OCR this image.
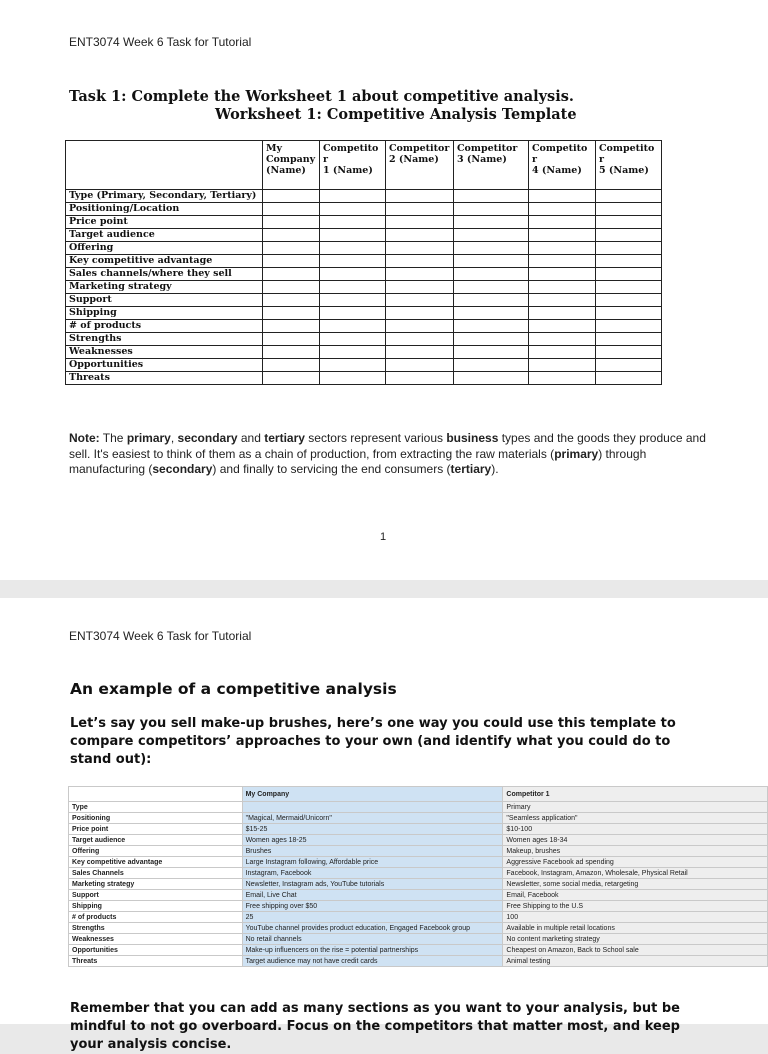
ENT3074 Week 6 Task for Tutorial
Task 1: Complete the Worksheet 1 about competitive analysis.
Worksheet 1: Competitive Analysis Template
	My
Company
(Name)	Competito
r
1 (Name)	Competitor
2 (Name)	Competitor
3 (Name)	Competito
r
4 (Name)	Competito
r
5 (Name)
Type (Primary, Secondary, Tertiary)						
Positioning/Location						
Price point						
Target audience						
Offering						
Key competitive advantage						
Sales channels/where they sell						
Marketing strategy						
Support						
Shipping						
# of products						
Strengths						
Weaknesses						
Opportunities						
Threats						
Note: The primary, secondary and tertiary sectors represent various business types and the goods they produce and sell. It's easiest to think of them as a chain of production, from extracting the raw materials (primary) through manufacturing (secondary) and finally to servicing the end consumers (tertiary).
1
ENT3074 Week 6 Task for Tutorial
An example of a competitive analysis
Let’s say you sell make-up brushes, here’s one way you could use this template to compare competitors’ approaches to your own (and identify what you could do to stand out):
	My Company	Competitor 1
Type		Primary
Positioning	"Magical, Mermaid/Unicorn"	"Seamless application"
Price point	$15-25	$10-100
Target audience	Women ages 18-25	Women ages 18-34
Offering	Brushes	Makeup, brushes
Key competitive advantage	Large Instagram following, Affordable price	Aggressive Facebook ad spending
Sales Channels	Instagram, Facebook	Facebook, Instagram, Amazon, Wholesale, Physical Retail
Marketing strategy	Newsletter, Instagram ads, YouTube tutorials	Newsletter, some social media, retargeting
Support	Email, Live Chat	Email, Facebook
Shipping	Free shipping over $50	Free Shipping to the U.S
# of products	25	100
Strengths	YouTube channel provides product education, Engaged Facebook group	Available in multiple retail locations
Weaknesses	No retail channels	No content marketing strategy
Opportunities	Make-up influencers on the rise = potential partnerships	Cheapest on Amazon, Back to School sale
Threats	Target audience may not have credit cards	Animal testing
Remember that you can add as many sections as you want to your analysis, but be mindful to not go overboard. Focus on the competitors that matter most, and keep your analysis concise.
